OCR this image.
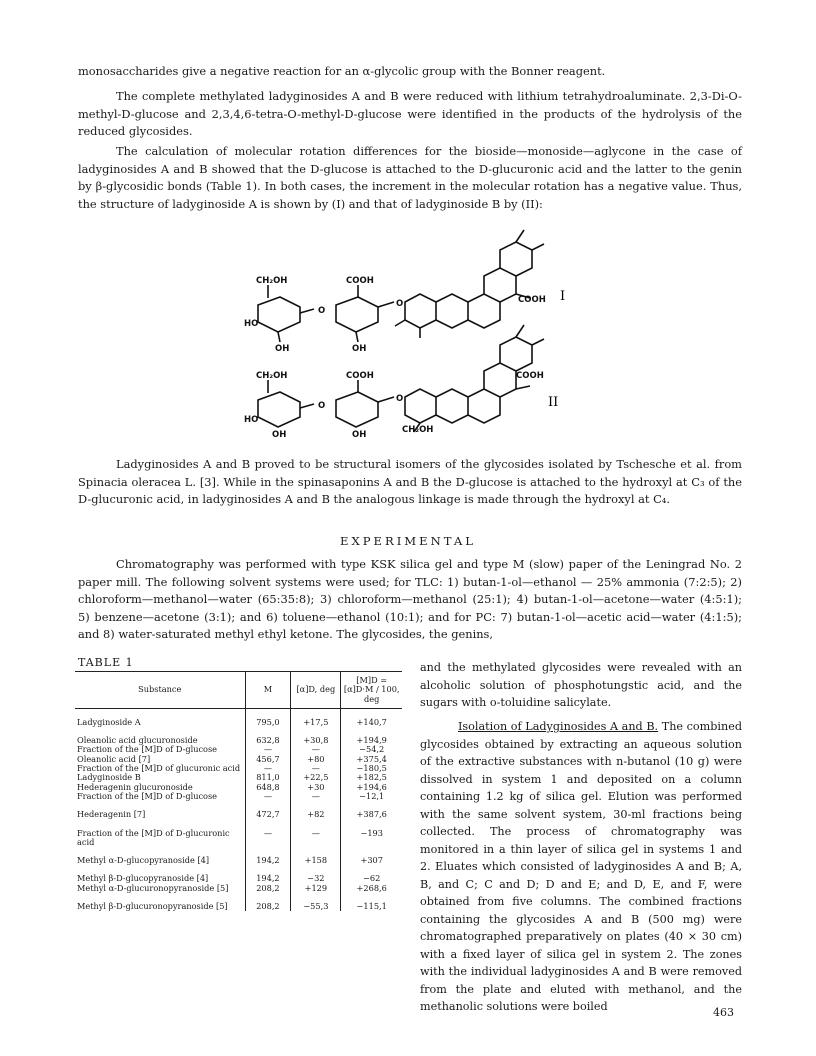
monosaccharides give a negative reaction for an α-glycolic group with the Bonner reagent.

The complete methylated ladyginosides A and B were reduced with lithium tetrahydroaluminate. 2,3-Di-O-methyl-D-glucose and 2,3,4,6-tetra-O-methyl-D-glucose were identified in the products of the hydrolysis of the reduced glycosides.

The calculation of molecular rotation differences for the bioside—monoside—aglycone in the case of ladyginosides A and B showed that the D-glucose is attached to the D-glucuronic acid and the latter to the genin by β-glycosidic bonds (Table 1). In both cases, the increment in the molecular rotation has a negative value. Thus, the structure of ladyginoside A is shown by (I) and that of ladyginoside B by (II):

CH₂OH	COOH
HO
OH	OH
O
O	COOH
CH₂OH	COOH
HO
OH	OH
O
O
COOH
CH₂OH
I
II

Ladyginosides A and B proved to be structural isomers of the glycosides isolated by Tschesche et al. from Spinacia oleracea L. [3]. While in the spinasaponins A and B the D-glucose is attached to the hydroxyl at C₃ of the D-glucuronic acid, in ladyginosides A and B the analogous linkage is made through the hydroxyl at C₄.

EXPERIMENTAL

Chromatography was performed with type KSK silica gel and type M (slow) paper of the Leningrad No. 2 paper mill. The following solvent systems were used; for TLC: 1) butan-1-ol—ethanol — 25% ammonia (7:2:5); 2) chloroform—methanol—water (65:35:8); 3) chloroform—methanol (25:1); 4) butan-1-ol—acetone—water (4:5:1); 5) benzene—acetone (3:1); and 6) toluene—ethanol (10:1); and for PC: 7) butan-1-ol—acetic acid—water (4:1:5); and 8) water-saturated methyl ethyl ketone. The glycosides, the genins,

TABLE 1
Substance	M	[α]D, deg	[M]D = [α]D·M / 100, deg
Ladyginoside A	795,0	+17,5	+140,7
Oleanolic acid glucuronoside	632,8	+30,8	+194,9
Fraction of the [M]D of D-glucose	—	—	−54,2
Oleanolic acid [7]	456,7	+80	+375,4
Fraction of the [M]D of glucuronic acid	—	—	−180,5
Ladyginoside B	811,0	+22,5	+182,5
Hederagenin glucuronoside	648,8	+30	+194,6
Fraction of the [M]D of D-glucose	—	—	−12,1
Hederagenin [7]	472,7	+82	+387,6
Fraction of the [M]D of D-glucuronic acid	—	—	−193
Methyl α-D-glucopyranoside [4]	194,2	+158	+307
Methyl β-D-glucopyranoside [4]	194,2	−32	−62
Methyl α-D-glucuronopyranoside [5]	208,2	+129	+268,6
Methyl β-D-glucuronopyranoside [5]	208,2	−55,3	−115,1

and the methylated glycosides were revealed with an alcoholic solution of phosphotungstic acid, and the sugars with o-toluidine salicylate.

Isolation of Ladyginosides A and B. The combined glycosides obtained by extracting an aqueous solution of the extractive substances with n-butanol (10 g) were dissolved in system 1 and deposited on a column containing 1.2 kg of silica gel. Elution was performed with the same solvent system, 30-ml fractions being collected. The process of chromatography was monitored in a thin layer of silica gel in systems 1 and 2. Eluates which consisted of ladyginosides A and B; A, B, and C; C and D; D and E; and D, E, and F, were obtained from five columns. The combined fractions containing the glycosides A and B (500 mg) were chromatographed preparatively on plates (40 × 30 cm) with a fixed layer of silica gel in system 2. The zones with the individual ladyginosides A and B were removed from the plate and eluted with methanol, and the methanolic solutions were boiled	463
